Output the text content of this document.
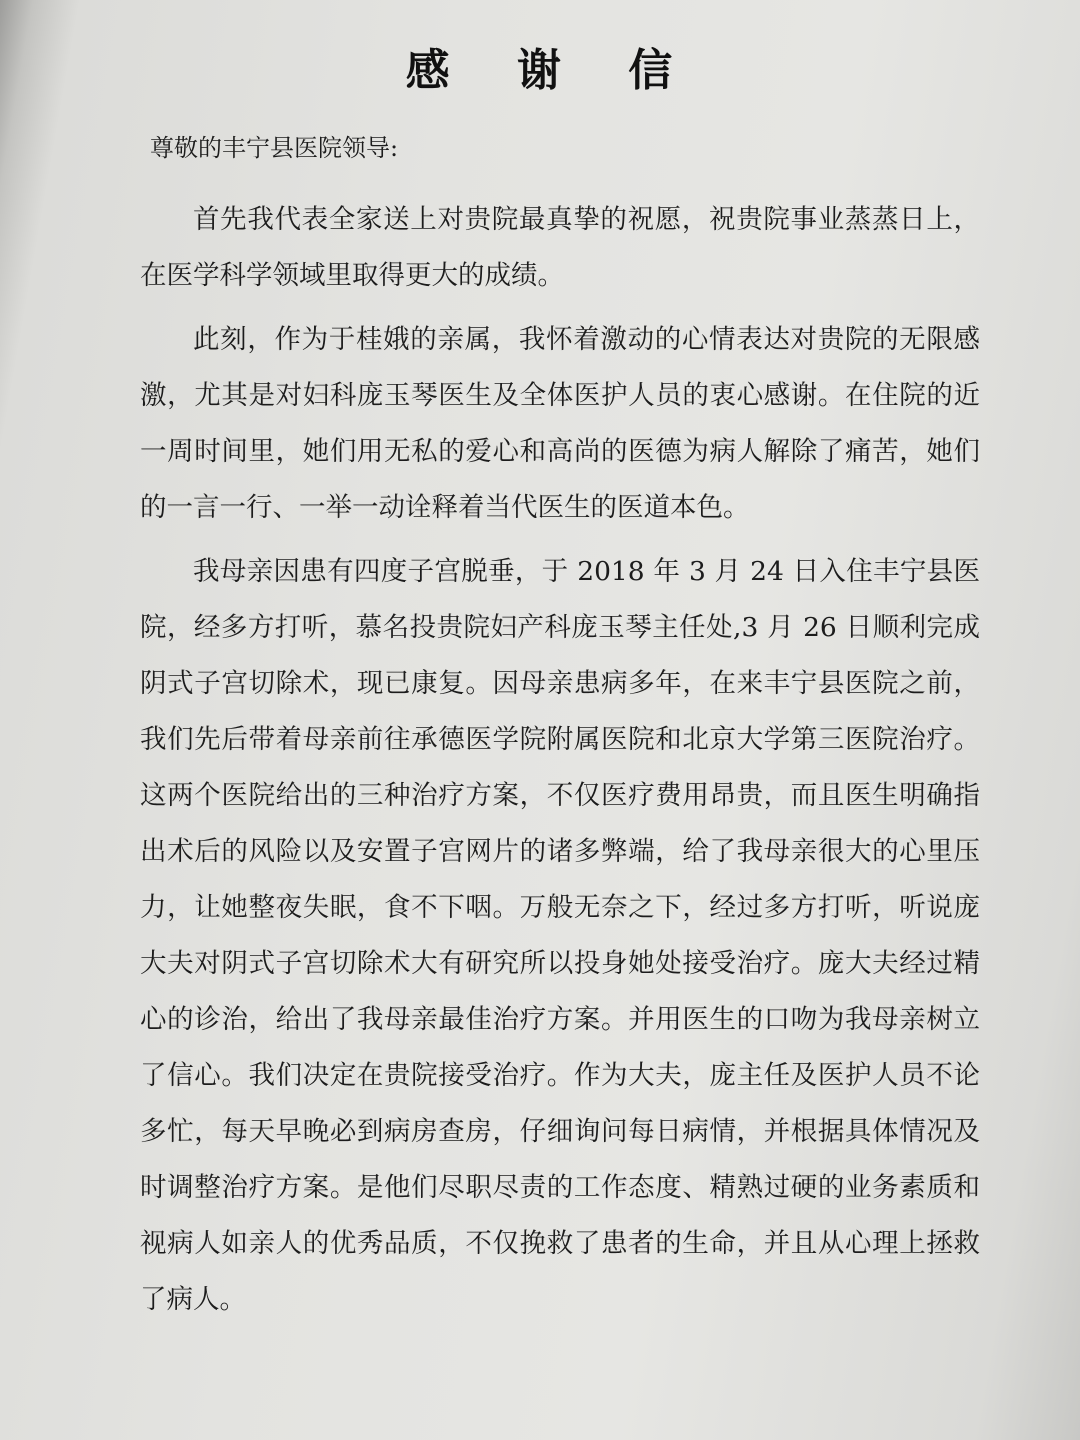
感 谢 信

尊敬的丰宁县医院领导:

首先我代表全家送上对贵院最真挚的祝愿，祝贵院事业蒸蒸日上，在医学科学领域里取得更大的成绩。

此刻，作为于桂娥的亲属，我怀着激动的心情表达对贵院的无限感激，尤其是对妇科庞玉琴医生及全体医护人员的衷心感谢。在住院的近一周时间里，她们用无私的爱心和高尚的医德为病人解除了痛苦，她们的一言一行、一举一动诠释着当代医生的医道本色。

我母亲因患有四度子宫脱垂，于 2018 年 3 月 24 日入住丰宁县医院，经多方打听，慕名投贵院妇产科庞玉琴主任处,3 月 26 日顺利完成阴式子宫切除术，现已康复。因母亲患病多年，在来丰宁县医院之前，我们先后带着母亲前往承德医学院附属医院和北京大学第三医院治疗。这两个医院给出的三种治疗方案，不仅医疗费用昂贵，而且医生明确指出术后的风险以及安置子宫网片的诸多弊端，给了我母亲很大的心里压力，让她整夜失眠，食不下咽。万般无奈之下，经过多方打听，听说庞大夫对阴式子宫切除术大有研究所以投身她处接受治疗。庞大夫经过精心的诊治，给出了我母亲最佳治疗方案。并用医生的口吻为我母亲树立了信心。我们决定在贵院接受治疗。作为大夫，庞主任及医护人员不论多忙，每天早晚必到病房查房，仔细询问每日病情，并根据具体情况及时调整治疗方案。是他们尽职尽责的工作态度、精熟过硬的业务素质和视病人如亲人的优秀品质，不仅挽救了患者的生命，并且从心理上拯救了病人。
